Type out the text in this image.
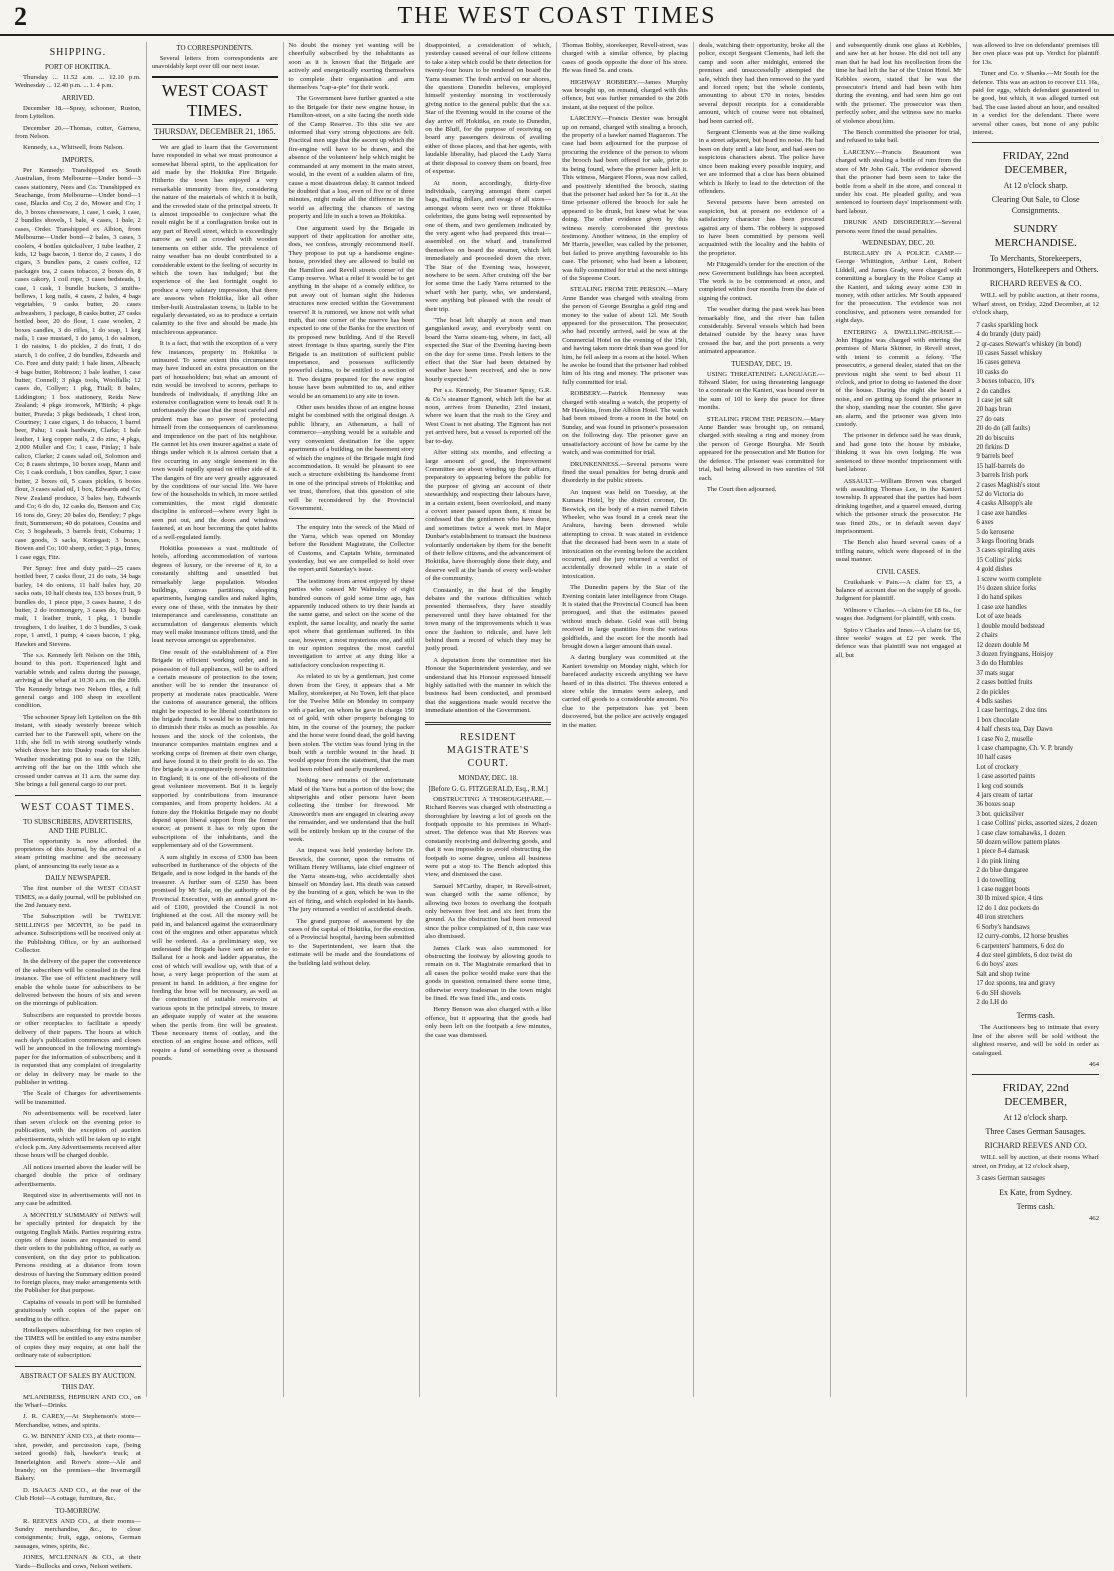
2	THE WEST COAST TIMES
SHIPPING.
PORT OF HOKITIKA.

Thursday ... 11.52 a.m. ... 12.10 p.m. Wednesday ... 12.40 p.m. ... 1. 4 p.m.

ARRIVED.

December 18.—Spray, schooner, Ruston, from Lyttelton.

December 20.—Thomas, cutter, Garness, from Nelson.

Kennedy, s.s., Whitwell, from Nelson.

IMPORTS.

Per Kennedy: Transhipped ex South Australian, from Melbourne—Under bond—3 cases stationery, Nees and Co. Transhipped ex Seachange, from Melbourne—Under bond—1 case, Blacks and Co; 2 do, Mower and Co; 1 do, 3 boxes cheeseware, 1 case, 1 cask, 1 case, 2 bundles shovels, 1 bale, 4 cases, 1 bale, 2 cases, Order. Transhipped ex Albion, from Melbourne—Under bond—2 bales, 3 cases, 3 coolers, 4 bottles quicksilver, 1 tube leather, 2 kids, 12 bags bacon, 1 tierce do, 2 cases, 1 do cigars, 3 bundles pans, 2 cases coffee, 12 packages tea, 2 cases tobacco, 2 boxes do, 8 cases cakory, 1 coil rope, 3 cases bedsteads, 1 case, 1 cask, 1 bundle buckets, 3 smiths-bellows, 1 keg nails, 4 cases, 2 bales, 4 bags vegetables, 9 casks butter, 20 cases ashwashers, 1 package, 8 casks butter, 27 casks bottled beer, 20 do flour, 1 case woolen, 2 boxes candles, 3 do rifles, 1 do soap, 1 keg nails, 1 case mustard, 1 do jams, 1 do salmon, 1 do raisins, 1 do pickles, 2 do fruit, 1 do starch, 1 do coffee, 2 do bundles, Edwards and Co. Free and duty paid: 1 bale linen, Albeach; 4 bags butter, Robinson; 1 bale leather, 1 case butter, Connell; 3 pkgs tools, Woolfalls; 12 cases do, Collyer; 1 pkg, Fitall; 8 bales, Liddington; 1 box stationery, Reids New Zealand; 4 pkgs ironwork, M'Birth; 4 pkgs butter, Pravda; 3 pkgs bedsteads, 1 chest iron, Courtney; 1 case cigars, 1 do tobacco, 1 barrel beer, Pahu; 1 cask hardware, Clarke; 1 bale leather, 1 keg copper nails, 2 do zinc, 4 pkgs, 2,000 Muller and Co; 1 case, Finlay; 1 bale calico, Clarke; 2 cases salad oil, Solomon and Co; 8 cases shrimps, 10 boxes soap, Mann and Co; 1 cask cordials, 1 box candles, Spur; 1 case butter, 2 boxes oil, 5 cases pickles, 6 boxes flour, 3 cases salad oil, 1 box, Edwards and Co; New Zealand produce, 3 bales hay, Edwards and Co; 6 do do, 12 casks do, Benson and Co; 16 tons do, Grey; 20 bales do, Bentley; 7 pkgs fruit, Summerson; 40 do potatoes, Cousins and Co; 3 hogsheads, 3 barrels fruit, Coburns; 1 case goods, 3 sacks, Kortegast; 3 boxes, Bowen and Co; 100 sheep, order; 3 pigs, Innes; 1 case eggs, Fitz.

Per Spray: free and duty paid—25 cases bottled beer, 7 casks flour, 21 do oats, 34 bags barley, 14 do onions, 11 half bales hay, 20 sacks oats, 10 half chests tea, 133 boxes fruit, 9 bundles do, 1 piece pipe, 3 cases haune, 1 do butter, 2 do ironmongery, 3 cases do, 13 bags malt, 1 leather trunk, 1 pkg, 1 bundle troughers, 1 do leather, 1 do 3 bundles, 3 cask rope, 1 anvil, 1 pump, 4 cases bacon, 1 pkg, Hawkes and Stevens.

The s.s. Kennedy left Nelson on the 18th, bound to this port. Experienced light and variable winds and calms during the passage, arriving at the wharf at 10.30 a.m. on the 20th. The Kennedy brings two Nelson files, a full general cargo and 100 sheep in excellent condition.

The schooner Spray left Lyttelton on the 8th instant, with steady westerly breeze which carried her to the Farewell spit, where on the 11th, she fell in with strong southerly winds which drove her into Dusky roads for shelter. Weather moderating put to sea on the 12th, arriving off the bar on the 18th which she crossed under canvas at 11 a.m. the same day. She brings a full general cargo to our port.

WEST COAST TIMES.
TO SUBSCRIBERS, ADVERTISERS, AND THE PUBLIC.

The opportunity is now afforded the proprietors of this Journal, by the arrival of a steam printing machine and the necessary plant, of announcing its early issue as a

DAILY NEWSPAPER.

The first number of the WEST COAST TIMES, as a daily journal, will be published on the 2nd January next.

The Subscription will be TWELVE SHILLINGS per MONTH, to be paid in advance. Subscriptions will be received only at the Publishing Office, or by an authorised Collector.

In the delivery of the paper the convenience of the subscribers will be consulted in the first instance. The use of efficient machinery will enable the whole issue for subscribers to be delivered between the hours of six and seven on the mornings of publication.

Subscribers are requested to provide boxes or other receptacles to facilitate a speedy delivery of their papers. The hours at which each day's publication commences and closes will be announced in the following morning's paper for the information of subscribers; and it is requested that any complaint of irregularity or delay in delivery may be made to the publisher in writing.

The Scale of Charges for advertisements will be transmitted.

No advertisements will be received later than seven o'clock on the evening prior to publication, with the exception of auction advertisements, which will be taken up to eight o'clock p.m. Any Advertisements received after those hours will be charged double.

All notices inserted above the leader will be charged double the price of ordinary advertisements.

Required size in advertisements will not in any case be admitted.

A MONTHLY SUMMARY of NEWS will be specially printed for despatch by the outgoing English Mails. Parties requiring extra copies of these issues are requested to send their orders to the publishing office, as early as convenient, on the day prior to publication. Persons residing at a distance from town desirous of having the Summary edition posted to foreign places, may make arrangements with the Publisher for that purpose.

Captains of vessels in port will be furnished gratuitously with copies of the paper on sending to the office.

Hotelkeepers subscribing for two copies of the TIMES will be entitled to any extra number of copies they may require, at one half the ordinary rate of subscription.

ABSTRACT OF SALES BY AUCTION.
THIS DAY.

M'LANDRESS, HEPBURN AND CO., on the Wharf—Drinks.

J. R. CAREY,—At Stephenson's store—Merchandise, wines, and spirits.

G. W. BINNEY AND CO., at their rooms—shot, powder, and percussion caps, (being seized goods) fish, hawker's truck; at Innerleighton and Rowe's store—Ale and brandy; on the premises—the Inverrargill Bakery.

D. ISAACS AND CO., at the rear of the Club Hotel—A cottage, furniture, &c.

TO-MORROW.

R. REEVES AND CO., at their rooms—Sundry merchandise, &c., to close consignments; fruit, eggs, onions, German sausages, wines, spirits, &c.

JONES, M'CLENNAN & CO., at their Yards—Bullocks and cows, Nelson wethers.

TO CORRESPONDENTS.

Several letters from correspondents are unavoidably kept over till our next issue.

WEST COAST TIMES.
THURSDAY, DECEMBER 21, 1865.

We are glad to learn that the Government have responded in what we must pronounce a somewhat liberal spirit, to the application for aid made by the Hokitika Fire Brigade. Hitherto the town has enjoyed a very remarkable immunity from fire, considering the nature of the materials of which it is built, and the crowded state of the principal streets. It is almost impossible to conjecture what the result might be if a conflagration broke out in any part of Revell street, which is exceedingly narrow as well as crowded with wooden tenements on either side. The prevalence of rainy weather has no doubt contributed to a considerable extent to the feeling of security in which the town has indulged; but the experience of the last fortnight ought to produce a very salutary impression, that there are seasons when Hokitika, like all other timber-built Australasian towns, is liable to be regularly devastated, so as to produce a certain calamity to the five and should be made his mischievous appearance.

It is a fact, that with the exception of a very few instances, property in Hokitika is uninsured. To some extent this circumstance may have induced an extra precaution on the part of householders; but what an amount of ruin would be involved to scores, perhaps to hundreds of individuals, if anything like an extensive conflagration were to break out! It is unfortunately the case that the most careful and prudent man has no power of protecting himself from the consequences of carelessness and imprudence on the part of his neighbour. He cannot let his own insurer against a state of things under which it is almost certain that a fire occurring in any single tenement in the town would rapidly spread on either side of it. The dangers of fire are very greatly aggravated by the conditions of our social life. We have few of the households in which, in more settled communities, the most rigid domestic discipline is enforced—where every light is seen put out, and the doors and windows fastened, at an hour becoming the quiet habits of a well-regulated family.

Hokitika possesses a vast multitude of hotels, affording accommodation of various degrees of luxury, or the reverse of it, to a constantly shifting and unsettled but remarkably large population. Wooden buildings, canvas partitions, sleeping apartments, hanging candles and naked lights, every one of these, with the inmates by their intemperance and carelessness, constitute an accumulation of dangerous elements which may well make insurance offices timid, and the least nervous amongst us apprehensive.

One result of the establishment of a Fire Brigade in efficient working order, and in possession of full appliances, will be to afford a certain measure of protection to the town; another will be to render the insurance of property at moderate rates practicable. Were the customs of assurance general, the offices might be expected to be liberal contributors to the brigade funds. It would be to their interest to diminish their risks as much as possible. As houses and the stock of the colonists, the insurance companies maintain engines and a working corps of firemen at their own charge, and have found it to their profit to do so. The fire brigade is a comparatively novel institution in England; it is one of the off-shoots of the great volunteer movement. But it is largely supported by contributions from insurance companies, and from property holders. At a future day the Hokitika Brigade may no doubt depend upon liberal support from the former source; at present it has to rely upon the subscriptions of the inhabitants, and the supplementary aid of the Government.

A sum slightly in excess of £300 has been subscribed in furtherance of the objects of the Brigade, and is now lodged in the hands of the treasurer. A further sum of £250 has been promised by Mr Sale, on the authority of the Provincial Executive, with an annual grant in-aid of £100, provided the Council is not frightened at the cost. All the money will be paid in, and balanced against the extraordinary cost of the engines and other apparatus which will be ordered. As a preliminary step, we understand the Brigade have sent an order to Ballarat for a hook and ladder apparatus, the cost of which will swallow up, with that of a hose, a very large proportion of the sum at present in hand. In addition, a fire engine for feeding the hose will be necessary, as well as the construction of suitable reservoirs at various spots in the principal streets, to insure an adequate supply of water at the seasons when the perils from fire will be greatest. These necessary items of outlay, and the erection of an engine house and offices, will require a fund of something over a thousand pounds.

No doubt the money yet wanting will be cheerfully subscribed by the inhabitants as soon as it is known that the Brigade are actively and energetically exerting themselves to complete their organisation and arm themselves "cap-a-pie" for their work.

The Government have further granted a site to the Brigade for their new engine house, in Hamilton-street, on a site facing the north side of the Camp Reserve. To this site we are informed that very strong objections are felt. Practical men urge that the ascent up which the fire-engine will have to be drawn, and the absence of the volunteers' help which might be commanded at any moment in the main street, would, in the event of a sudden alarm of fire, cause a most disastrous delay. It cannot indeed be doubted that a loss, even of five or of three minutes, might make all the difference in the world as affecting the chances of saving property and life in such a town as Hokitika.

One argument used by the Brigade in support of their application for another site, does, we confess, strongly recommend itself. They propose to put up a handsome engine-house, provided they are allowed to build on the Hamilton and Revell streets corner of the Camp reserve. What a relief it would be to get anything in the shape of a comely edifice, to put away out of human sight the hideous structures now erected within the Government reserve! It is rumored, we know not with what truth, that one corner of the reserve has been expected to one of the Banks for the erection of its proposed new building. And if the Revell street frontage is thus sparing, surely the Fire Brigade is an institution of sufficient public importance, and possesses sufficiently powerful claims, to be entitled to a section of it. Two designs prepared for the new engine house have been submitted to us, and either would be an ornament to any site in town.

Other uses besides those of an engine house might be combined with the original design. A public library, an Athenæum, a hall of commerce—anything would be a suitable and very convenient destination for the upper apartments of a building, on the basement story of which the engines of the Brigade might find accommodation. It would be pleasant to see such a structure exhibiting its handsome front in one of the principal streets of Hokitika; and we trust, therefore, that this question of site will be reconsidered by the Provincial Government.

The enquiry into the wreck of the Maid of the Yarra, which was opened on Monday before the Resident Magistrate, the Collector of Customs, and Captain White, terminated yesterday, but we are compelled to hold over the report until Saturday's issue.

The testimony from arrest enjoyed by these parties who caused Mr Walmsley of eight hundred ounces of gold some time ago, has apparently induced others to try their hands at the same game, and select on the scene of the exploit, the same locality, and nearly the same spot where that gentleman suffered. In this case, however, a most mysterious one, and still in our opinion requires the most careful investigation to arrive at any thing like a satisfactory conclusion respecting it.

As related to us by a gentleman, just come down from the Grey, it appears that a Mr Malloy, storekeeper, at No Town, left that place for the Twelve Mile on Monday in company with a packer, on whom he gave in charge 150 oz of gold, with other property belonging to him, in the course of the journey, the packer and the horse were found dead, the gold having been stolen. The victim was found lying in the bush with a terrible wound in the head. It would appear from the statement, that the man had been robbed and nearly murdered.

Nothing new remains of the unfortunate Maid of the Yarra but a portion of the bow; the shipwrights and other persons have been collecting the timber for firewood. Mr Ainsworth's men are engaged in clearing away the remainder, and we understand that the hull will be entirely broken up in the course of the week.

An inquest was held yesterday before Dr. Beswick, the coroner, upon the remains of William Henry Williams, late chief engineer of the Yarra steam-tug, who accidentally shot himself on Monday last. His death was caused by the bursting of a gun, which he was in the act of firing, and which exploded in his hands. The jury returned a verdict of accidental death.

The grand purpose of assessment by the cases of the capital of Hokitika, for the erection of a Provincial hospital, having been submitted to the Superintendent, we learn that the estimate will be made and the foundations of the building laid without delay.

disappointed, a consideration of which, yesterday caused several of our fellow citizens to take a step which could be their detection for twenty-four hours to be rendered on board the Yarra steamer. The fresh arrival on our shores, the questions Dunedin believes, employed himself yesterday morning in vociferously giving notice to the general public that the s.s. Star of the Evening would in the course of the day arrive off Hokitika, en route to Dunedin, on the Bluff, for the purpose of receiving on board any passengers desirous of availing either of those places, and that her agents, with laudable liberality, had placed the Lady Yarra at their disposal to convey them on board, free of expense.

At noon, accordingly, thirty-five individuals, carrying amongst them carpet bags, mailing dollars, and swags of all sizes—amongst whom were two or three Hokitika celebrities, the guns being well represented by one of them, and two gentlemen indicated by the very agent who had prepared this treat—assembled on the wharf and transferred themselves on board the steamer, which left immediately and proceeded down the river. The Star of the Evening was, however, nowhere to be seen. After cruising off the bar for some time the Lady Yarra returned to the wharf with her party, who, we understand, were anything but pleased with the result of their trip.

"The boat left sharply at noon and man gangplanked away, and everybody went on board the Yarra steam-tug, where, in fact, all expected the Star of the Evening having been on the day for some time. Fresh letters to the effect that the Star had been detained by weather have been received, and she is now hourly expected."

Per s.s. Kennedy, Per Steamer Spray, G.R. & Co.'s steamer Egmont, which left the bar at noon, arrives from Dunedin, 23rd instant, where we learn that the rush to the Grey and West Coast is not abating. The Egmont has not yet arrived here, but a vessel is reported off the bar to-day.

After sitting six months, and effecting a large amount of good, the Improvement Committee are about winding up their affairs, preparatory to appearing before the public for the purpose of giving an account of their stewardship; and respecting their labours have, in a certain extent, been overlooked, and many a covert sneer passed upon them, it must be confessed that the gentlemen who have done, and sometimes twice a week met in Major Dunbar's establishment to transact the business voluntarily undertaken by them for the benefit of their fellow citizens, and the advancement of Hokitika, have thoroughly done their duty, and deserve well at the hands of every well-wisher of the community.

Constantly, in the heat of the lengthy debates and the various difficulties which presented themselves, they have steadily persevered until they have obtained for the town many of the improvements which it was once the fashion to ridicule, and have left behind them a record of which they may be justly proud.

A deputation from the committee met his Honour the Superintendent yesterday, and we understand that his Honour expressed himself highly satisfied with the manner in which the business had been conducted, and promised that the suggestions made would receive the immediate attention of the Government.

RESIDENT MAGISTRATE'S COURT.
MONDAY, DEC. 18.
[Before G. G. FITZGERALD, Esq., R.M.]

OBSTRUCTING A THOROUGHFARE.—Richard Reeves was charged with obstructing a thoroughfare by leaving a lot of goods on the footpath opposite to his premises in Wharf-street. The defence was that Mr Reeves was constantly receiving and delivering goods, and that it was impossible to avoid obstructing the footpath to some degree, unless all business were put a stop to. The Bench adopted this view, and dismissed the case.

Samuel M'Carthy, draper, in Revell-street, was charged with the same offence, by allowing two boxes to overhang the footpath only between five feet and six feet from the ground. As the obstruction had been removed since the police complained of it, this case was also dismissed.

James Clark was also summoned for obstructing the footway by allowing goods to remain on it. The Magistrate remarked that in all cases the police would make sure that the goods in question remained there some time, otherwise every tradesman in the town might be fined. He was fined 10s., and costs.

Henry Benson was also charged with a like offence, but it appearing that the goods had only been left on the footpath a few minutes, the case was dismissed.

Thomas Bobby, storekeeper, Revell-street, was charged with a similar offence, by placing cases of goods opposite the door of his store. He was fined 5s. and costs.

HIGHWAY ROBBERY.—James Murphy was brought up, on remand, charged with this offence, but was further remanded to the 20th instant, at the request of the police.

LARCENY.—Francis Dexter was brought up on remand, charged with stealing a brooch, the property of a hawker named Hagueron. The case had been adjourned for the purpose of procuring the evidence of the person to whom the brooch had been offered for sale, prior to its being found, where the prisoner had left it. This witness, Margaret Flores, was now called, and positively identified the brooch, stating that the prisoner had asked her 5s for it. At the time prisoner offered the brooch for sale he appeared to be drunk, but knew what he was doing. The other evidence given by this witness merely corroborated the previous testimony. Another witness, in the employ of Mr Harris, jeweller, was called by the prisoner, but failed to prove anything favourable to his case. The prisoner, who had been a labourer, was fully committed for trial at the next sittings of the Supreme Court.

STEALING FROM THE PERSON.—Mary Anne Bander was charged with stealing from the person of George Bourgha a gold ring and money to the value of about 12l. Mr South appeared for the prosecution. The prosecutor, who had recently arrived, said he was at the Commercial Hotel on the evening of the 15th, and having taken more drink than was good for him, he fell asleep in a room at the hotel. When he awoke he found that the prisoner had robbed him of his ring and money. The prisoner was fully committed for trial.

ROBBERY.—Patrick Hennessy was charged with stealing a watch, the property of Mr Hawkins, from the Albion Hotel. The watch had been missed from a room in the hotel on Sunday, and was found in prisoner's possession on the following day. The prisoner gave an unsatisfactory account of how he came by the watch, and was committed for trial.

DRUNKENNESS.—Several persons were fined the usual penalties for being drunk and disorderly in the public streets.

An inquest was held on Tuesday, at the Kumara Hotel, by the district coroner, Dr. Beswick, on the body of a man named Edwin Wheeler, who was found in a creek near the Arahura, having been drowned while attempting to cross. It was stated in evidence that the deceased had been seen in a state of intoxication on the evening before the accident occurred, and the jury returned a verdict of accidentally drowned while in a state of intoxication.

The Dunedin papers by the Star of the Evening contain later intelligence from Otago. It is stated that the Provincial Council has been prorogued, and that the estimates passed without much debate. Gold was still being received in large quantities from the various goldfields, and the escort for the month had brought down a larger amount than usual.

A daring burglary was committed at the Kanieri township on Monday night, which for barefaced audacity exceeds anything we have heard of in this district. The thieves entered a store while the inmates were asleep, and carried off goods to a considerable amount. No clue to the perpetrators has yet been discovered, but the police are actively engaged in the matter.

deals, watching their opportunity, broke all the police, except Sergeant Clements, had left the camp and soon after midnight, entered the premises and unsuccessfully attempted the safe, which they had then removed to the yard and forced open; but the whole contents, amounting to about £70 in notes, besides several deposit receipts for a considerable amount, which of course were not obtained, had been carried off.

Sergeant Clements was at the time walking in a street adjacent, but heard no noise. He had been on duty until a late hour, and had seen no suspicious characters about. The police have since been making every possible inquiry, and we are informed that a clue has been obtained which is likely to lead to the detection of the offenders.

Several persons have been arrested on suspicion, but at present no evidence of a satisfactory character has been procured against any of them. The robbery is supposed to have been committed by persons well acquainted with the locality and the habits of the proprietor.

Mr Fitzgerald's tender for the erection of the new Government buildings has been accepted. The work is to be commenced at once, and completed within four months from the date of signing the contract.

The weather during the past week has been remarkably fine, and the river has fallen considerably. Several vessels which had been detained outside by the heavy seas have crossed the bar, and the port presents a very animated appearance.

TUESDAY, DEC. 19.

USING THREATENING LANGUAGE.—Edward Slater, for using threatening language to a comrade on the Kanieri, was bound over in the sum of 10l to keep the peace for three months.

STEALING FROM THE PERSON.—Mary Anne Bander was brought up, on remand, charged with stealing a ring and money from the person of George Bourgha. Mr South appeared for the prosecution and Mr Button for the defence. The prisoner was committed for trial, bail being allowed in two sureties of 50l each.

The Court then adjourned.

and subsequently drank one glass at Kebbles, and saw her at her house. He did not tell any man that he had lost his recollection from the time he had left the bar of the Union Hotel. Mr Kebbles sworn, stated that he was the prosecutor's friend and had been with him during the evening, and had seen him go out with the prisoner. The prosecutor was then perfectly sober, and the witness saw no marks of violence about him.

The Bench committed the prisoner for trial, and refused to take bail.

LARCENY.—Francis Beaumont was charged with stealing a bottle of rum from the store of Mr John Galt. The evidence showed that the prisoner had been seen to take the bottle from a shelf in the store, and conceal it under his coat. He pleaded guilty, and was sentenced to fourteen days' imprisonment with hard labour.

DRUNK AND DISORDERLY.—Several persons were fined the usual penalties.

WEDNESDAY, DEC. 20.

BURGLARY IN A POLICE CAMP.—George Whittington, Arthur Lent, Robert Liddell, and James Grady, were charged with committing a burglary in the Police Camp at the Kanieri, and taking away some £30 in money, with other articles. Mr South appeared for the prosecution. The evidence was not conclusive, and prisoners were remanded for eight days.

ENTERING A DWELLING-HOUSE.—John Higgins was charged with entering the premises of Maria Skinner, in Revell street, with intent to commit a felony. The prosecutrix, a general dealer, stated that on the previous night she went to bed about 11 o'clock, and prior to doing so fastened the door of the house. During the night she heard a noise, and on getting up found the prisoner in the shop, standing near the counter. She gave an alarm, and the prisoner was given into custody.

The prisoner in defence said he was drunk, and had gone into the house by mistake, thinking it was his own lodging. He was sentenced to three months' imprisonment with hard labour.

ASSAULT.—William Brown was charged with assaulting Thomas Lee, in the Kanieri township. It appeared that the parties had been drinking together, and a quarrel ensued, during which the prisoner struck the prosecutor. He was fined 20s., or in default seven days' imprisonment.

The Bench also heard several cases of a trifling nature, which were disposed of in the usual manner.

CIVIL CASES.

Cruikshank v Pain.—A claim for £5, a balance of account due on the supply of goods. Judgment for plaintiff.

Wilmore v Charles.—A claim for £8 6s., for wages due. Judgment for plaintiff, with costs.

Spiro v Charles and Innes.—A claim for £6, three weeks' wages at £2 per week. The defence was that plaintiff was not engaged at all, but

was allowed to live on defendants' premises till her own place was put up. Verdict for plaintiff for 13s.

Tuner and Co. v Shanks.—Mr South for the defence. This was an action to recover £11 16s, paid for eggs, which defendant guaranteed to be good, but which, it was alleged turned out bad. The case lasted about an hour, and resulted in a verdict for the defendant. There were several other cases, but none of any public interest.

FRIDAY, 22nd DECEMBER,
At 12 o'clock sharp.
Clearing Out Sale, to Close Consignments.
SUNDRY MERCHANDISE.
To Merchants, Storekeepers, Ironmongers, Hotelkeepers and Others.
RICHARD REEVES & CO.

WILL sell by public auction, at their rooms, Wharf street, on Friday, 22nd December, at 12 o'clock sharp,

7 casks sparkling hock
4 do brandy (duty paid)
2 qr-cases Stewart's whiskey (in bond)
10 cases Sassel whiskey
16 cases geneva
10 casks do
3 boxes tobacco, 10's
2 do candles
1 case jet salt
20 bags bran
27 do oats
20 do do (all faults)
20 do biscuits
20 firkins D
9 barrels beef
15 half-barrels do
3 barrels Irish pork
2 cases Maghish's stout
52 do Victoria do
4 casks Allsopp's ale
1 case axe handles
6 axes
5 do kerosene
3 kegs flooring brads
3 cases spiraling axes
15 Collins' picks
4 gold dishes
1 screw worm complete
1½ dozen sluice forks
1 do hand spikes
1 case axe handles
Lot of axe heads
1 double mould bedstead
2 chairs
12 dozen double M
3 dozen fryingpans, Hoisjoy
3 do do Humbles
37 mats sugar
2 cases bottled fruits
2 do pickles
4 bdls sashes
1 case herrings, 2 doz tins
1 box chocolate
4 half chests tea, Day Dawn
1 case No 2, muselle
1 case champagne, Ch. V. P. brandy
10 half cases
Lot of crockery
1 case assorted paints
1 keg cod sounds
4 jars cream of tartar
36 boxes soap
3 bot. quicksilver
1 case Collins' picks, assorted sizes, 2 dozen
1 case claw tomahawks, 1 dozen
50 dozen willow pattern plates
1 piece 8-4 damask
1 do pink lining
2 do blue dungaree
1 do towelling
1 case nugget boots
30 lb mixed spice, 4 tins
12 do 1 doz pockets do
40 iron stretchers
6 Sorby's handsaws
12 curry-combs, 12 horse brushes
6 carpenters' hammers, 6 doz do
4 doz steel gimblets, 6 doz twist do
6 do boys' axes
Salt and shop twine
17 doz spoons, tea and gravy
6 do SH shovels
2 do LH do
Terms cash.

The Auctioneers beg to intimate that every line of the above will be sold without the slightest reserve, and will be sold in order as catalogued.

464
FRIDAY, 22nd DECEMBER,
At 12 o'clock sharp.
Three Cases German Sausages.
RICHARD REEVES AND CO.

WILL sell by auction, at their rooms Wharf street, on Friday, at 12 o'clock sharp,

3 cases German sausages
Ex Kate, from Sydney.
Terms cash.
462
